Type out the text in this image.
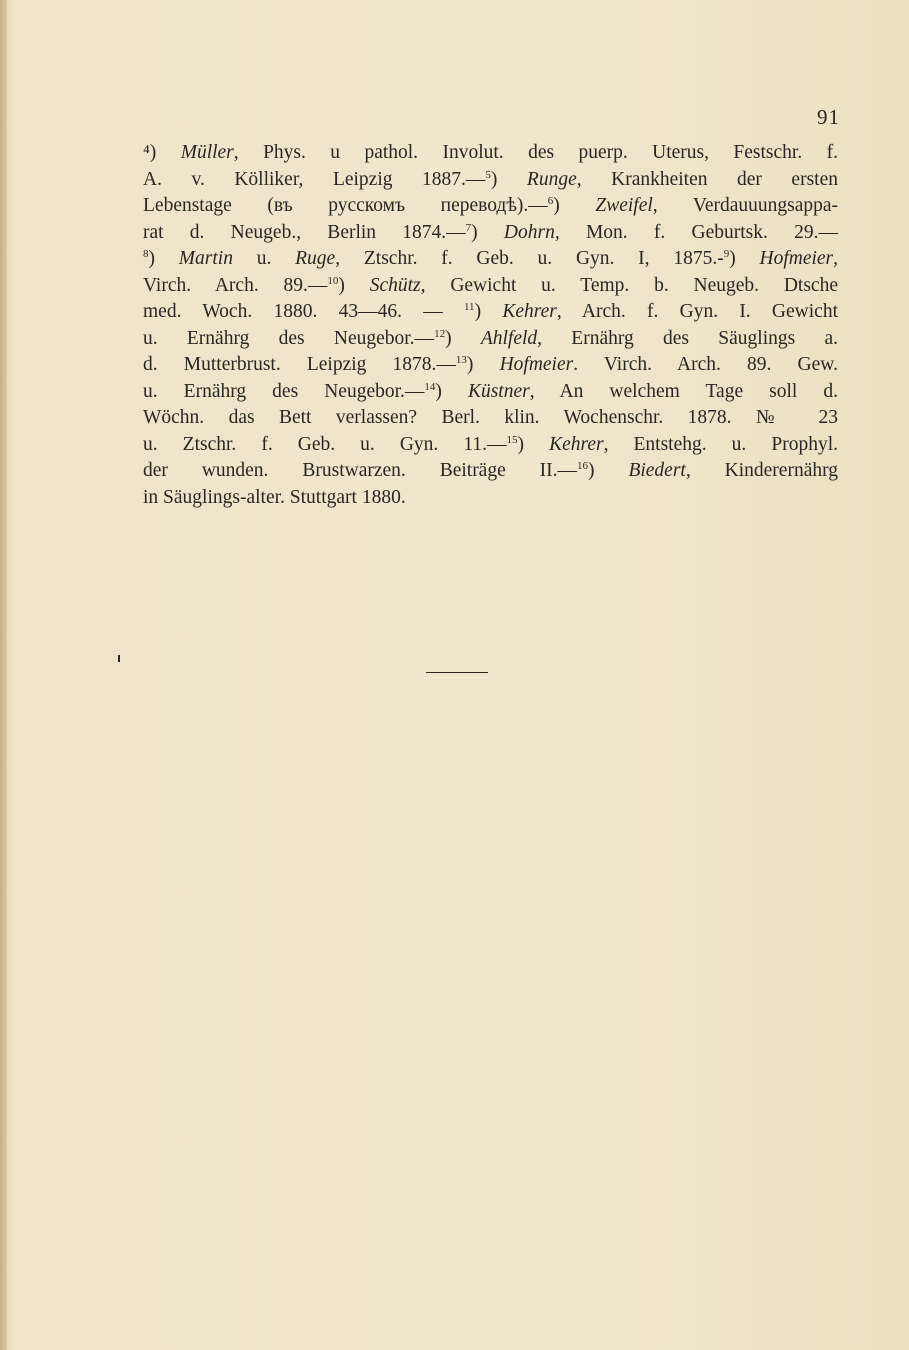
91
⁴) Müller, Phys. u pathol. Involut. des puerp. Uterus, Festschr. f.
A. v. Kölliker, Leipzig 1887.—$^5$) Runge, Krankheiten der ersten
Lebenstage (въ русскомъ переводѣ).—$^6$) Zweifel, Verdauuungsappa-
rat d. Neugeb., Berlin 1874.—$^7$) Dohrn, Mon. f. Geburtsk. 29.—
$^8$) Martin u. Ruge, Ztschr. f. Geb. u. Gyn. I, 1875.-$^9$) Hofmeier,
Virch. Arch. 89.—$^{10}$) Schütz, Gewicht u. Temp. b. Neugeb. Dtsche
med. Woch. 1880. 43—46. — $^{11}$) Kehrer, Arch. f. Gyn. I. Gewicht
u. Ernährg des Neugebor.—$^{12}$) Ahlfeld, Ernährg des Säuglings a.
d. Mutterbrust. Leipzig 1878.—$^{13}$) Hofmeier. Virch. Arch. 89. Gew.
u. Ernährg des Neugebor.—$^{14}$) Küstner, An welchem Tage soll d.
Wöchn. das Bett verlassen? Berl. klin. Wochenschr. 1878. № 23
u. Ztschr. f. Geb. u. Gyn. 11.—$^{15}$) Kehrer, Entstehg. u. Prophyl.
der wunden. Brustwarzen. Beiträge II.—$^{16}$) Biedert, Kinderernährg
in Säuglings-alter. Stuttgart 1880.
